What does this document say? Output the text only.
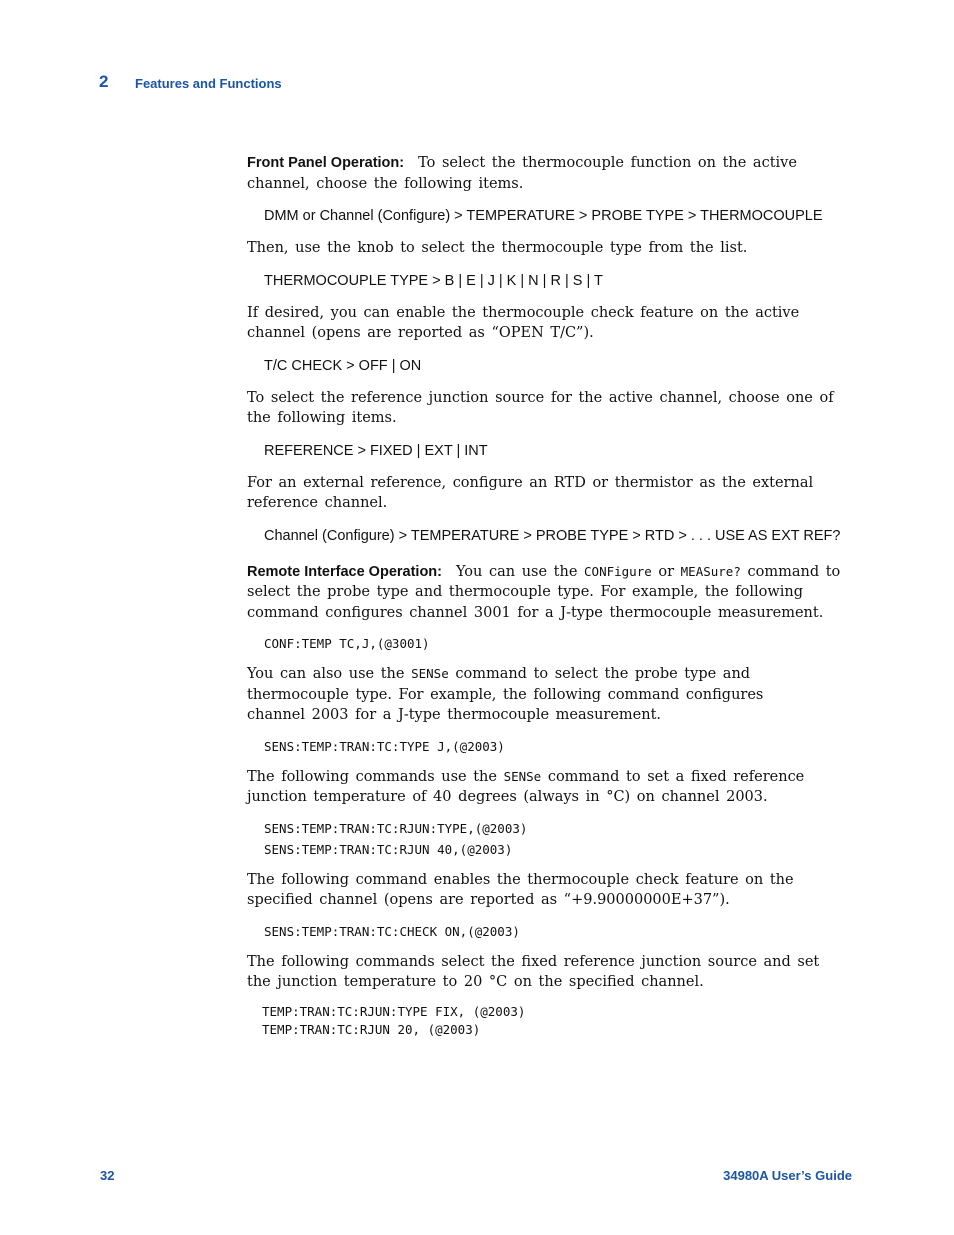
2 Features and Functions

Front Panel Operation: To select the thermocouple function on the active channel, choose the following items.

DMM or Channel (Configure) > TEMPERATURE > PROBE TYPE > THERMOCOUPLE

Then, use the knob to select the thermocouple type from the list.

THERMOCOUPLE TYPE > B | E | J | K | N | R | S | T

If desired, you can enable the thermocouple check feature on the active channel (opens are reported as “OPEN T/C”).

T/C CHECK > OFF | ON

To select the reference junction source for the active channel, choose one of the following items.

REFERENCE > FIXED | EXT | INT

For an external reference, configure an RTD or thermistor as the external reference channel.

Channel (Configure) > TEMPERATURE > PROBE TYPE > RTD > . . . USE AS EXT REF?

Remote Interface Operation: You can use the CONFigure or MEASure? command to select the probe type and thermocouple type. For example, the following command configures channel 3001 for a J-type thermocouple measurement.

CONF:TEMP TC,J,(@3001)

You can also use the SENSe command to select the probe type and thermocouple type. For example, the following command configures channel 2003 for a J-type thermocouple measurement.

SENS:TEMP:TRAN:TC:TYPE J,(@2003)

The following commands use the SENSe command to set a fixed reference junction temperature of 40 degrees (always in °C) on channel 2003.

SENS:TEMP:TRAN:TC:RJUN:TYPE,(@2003)
SENS:TEMP:TRAN:TC:RJUN 40,(@2003)

The following command enables the thermocouple check feature on the specified channel (opens are reported as “+9.90000000E+37”).

SENS:TEMP:TRAN:TC:CHECK ON,(@2003)

The following commands select the fixed reference junction source and set the junction temperature to 20 °C on the specified channel.

TEMP:TRAN:TC:RJUN:TYPE FIX, (@2003)
TEMP:TRAN:TC:RJUN 20, (@2003)
32	34980A User’s Guide
